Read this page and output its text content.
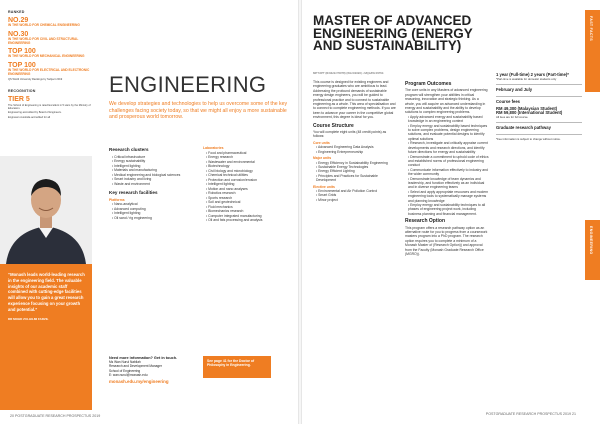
RANKED
NO.29
IN THE WORLD FOR CHEMICAL ENGINEERING
NO.30
IN THE WORLD FOR CIVIL AND STRUCTURAL ENGINEERING
TOP 100
IN THE WORLD FOR MECHANICAL ENGINEERING
TOP 100
IN THE WORLD FOR ELECTRICAL AND ELECTRONIC ENGINEERING
QS World University Rankings by Subject 2019
RECOGNITION
TIER 5
The School of Engineering is rated Excellent in 5 stars by the Ministry of Education.
Engineering accredited by Board of Engineers.
Engineers Australia accredited for all
“Monash leads world-leading research in the engineering field. The valuable insights of our academic staff combined with cutting-edge facilities will allow you to gain a great research experience focusing on your growth and potential.”
DR MOHD ZULHILMI FADZIL
ENGINEERING
We develop strategies and technologies to help us overcome some of the key challenges facing society today, so that we might all enjoy a more sustainable and prosperous world tomorrow.
Research clusters
• Critical infrastructure
• Energy sustainability
• Intelligent lighting
• Materials and manufacturing
• Medical engineering and biological sciences
• Smart industry and living
• Waste and environment
Key research facilities
Platforms
• Nano-analytical
• Advanced computing
• Intelligent lighting
• Oil sand / rig engineering
Laboratories
• Food and pharmaceutical
• Energy research
• Wastewater and environmental
• Biotechnology
• Civil biology and microbiology
• Chemical technical utilities
• Protection and corrosion/erosion
• Intelligent lighting
• Motion and nano analyses
• Robotics research
• Sports research
• Soil and geotechnical
• Fluid mechanics
• Biomechanics research
• Computer integrated manufacturing
• Oil and fats processing and analysis
Need more information? Get in touch.
Ms Wan Nurul Nabilah
Research and Development Manager
School of Engineering
E: wan.nurul@monash.edu
monash.edu.my/engineering
See page 41 for the Doctor of Philosophy in Engineering.
20 POSTGRADUATE RESEARCH PROSPECTUS 2019
MASTER OF ADVANCED ENGINEERING (ENERGY AND SUSTAINABILITY)
MPT/JPT (R/0421/7/0078) (WA 6/2020) • MQA/PA 09764
This course is designed for existing engineers and engineering graduates who are ambitious to lead. Addressing the profound demands of sustainable energy design engineers, you will be guided to professional practice and to connect to sustainable engineering as a whole. This area of specialisation and to connect to complete engineering methods. If you are keen to advance your career in the competitive global environment, this degree is ideal for you.
Course Structure
You will complete eight units (48 credit points) as follows:
Core units
• Advanced Engineering Data Analysis
• Engineering Entrepreneurship
Major units
• Energy Efficiency in Sustainability Engineering
• Sustainable Energy Technologies
• Energy Efficient Lighting
• Principles and Practices for Sustainable Development
Elective units
• Environmental and Air Pollution Control
• Smart Grids
• Minor project
Program Outcomes
The core units in any Masters of advanced engineering program will strengthen your abilities in critical reasoning, innovation and strategic thinking. As a whole, you will acquire an advanced understanding in energy and sustainability and the ability to develop solutions to complex engineering problems.
• Apply advanced energy and sustainability based knowledge in an engineering context
• Employ energy and sustainability based techniques to solve complex problems, design engineering solutions, and evaluate potential designs to identify optimal solutions
• Research, investigate and critically appraise current developments and research directions, and identify future directions for energy and sustainability
• Demonstrate a commitment to uphold code of ethics and established norms of professional engineering conduct
• Communicate information effectively to industry and the wider community
• Demonstrate knowledge of team dynamics and leadership, and function effectively as an individual and in diverse engineering teams
• Select and apply appropriate resources and modern engineering tools to systematically manage systems and planning knowledge
• Employ energy and sustainability techniques to all phases of engineering project work, including business planning and financial management.
Research Option
This program offers a research pathway option as an alternative route for you to progress from a coursework masters program into a PhD program. The research option requires you to complete a minimum of a Monash Master of (Research Option)) and approval from the Faculty (Monash Graduate Research Office (MGRO)).
1 year (Full-time) 2 years (Part-time)*
*Part-time is available for domestic students only
February and July
Course fees
RM 49,300 (Malaysian Student)
RM 59,800 (International Student)
All fees are for full course.
Graduate research pathway
*Fee information is subject to change without notice.
FAST FACTS
ENGINEERING
POSTGRADUATE RESEARCH PROSPECTUS 2019 21
